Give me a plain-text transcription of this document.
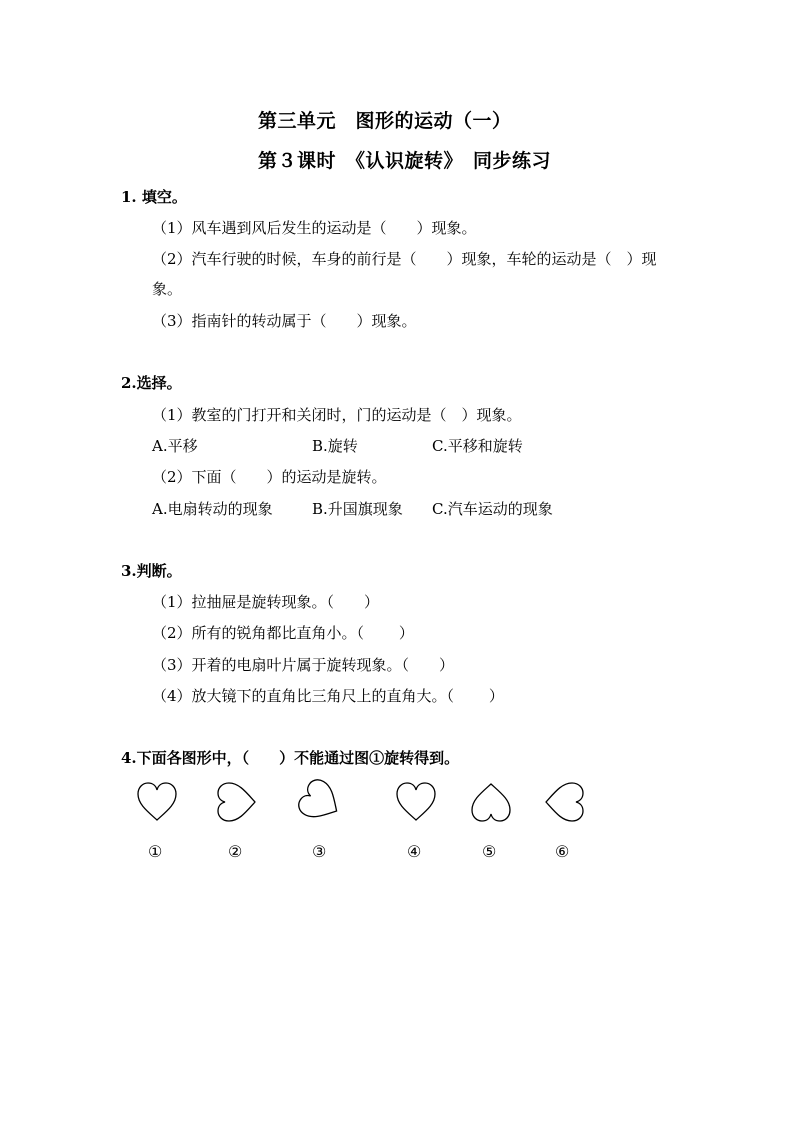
第三单元　图形的运动（一）
第３课时　《认识旋转》　同步练习
1. 填空。
（1）风车遇到风后发生的运动是（　　）现象。
（2）汽车行驶的时候，车身的前行是（　　）现象，车轮的运动是（　）现
象。
（3）指南针的转动属于（　　）现象。
2.选择。
（1）教室的门打开和关闭时，门的运动是（　）现象。
A.平移	B.旋转	C.平移和旋转
（2）下面（　　）的运动是旋转。
A.电扇转动的现象	B.升国旗现象 C.汽车运动的现象
3.判断。
（1）拉抽屉是旋转现象。（　　）
（2）所有的锐角都比直角小。（　　 ）
（3）开着的电扇叶片属于旋转现象。（　　）
（4）放大镜下的直角比三角尺上的直角大。（　　 ）
4.下面各图形中，（　　）不能通过图①旋转得到。
①	②	③	④	⑤	⑥
